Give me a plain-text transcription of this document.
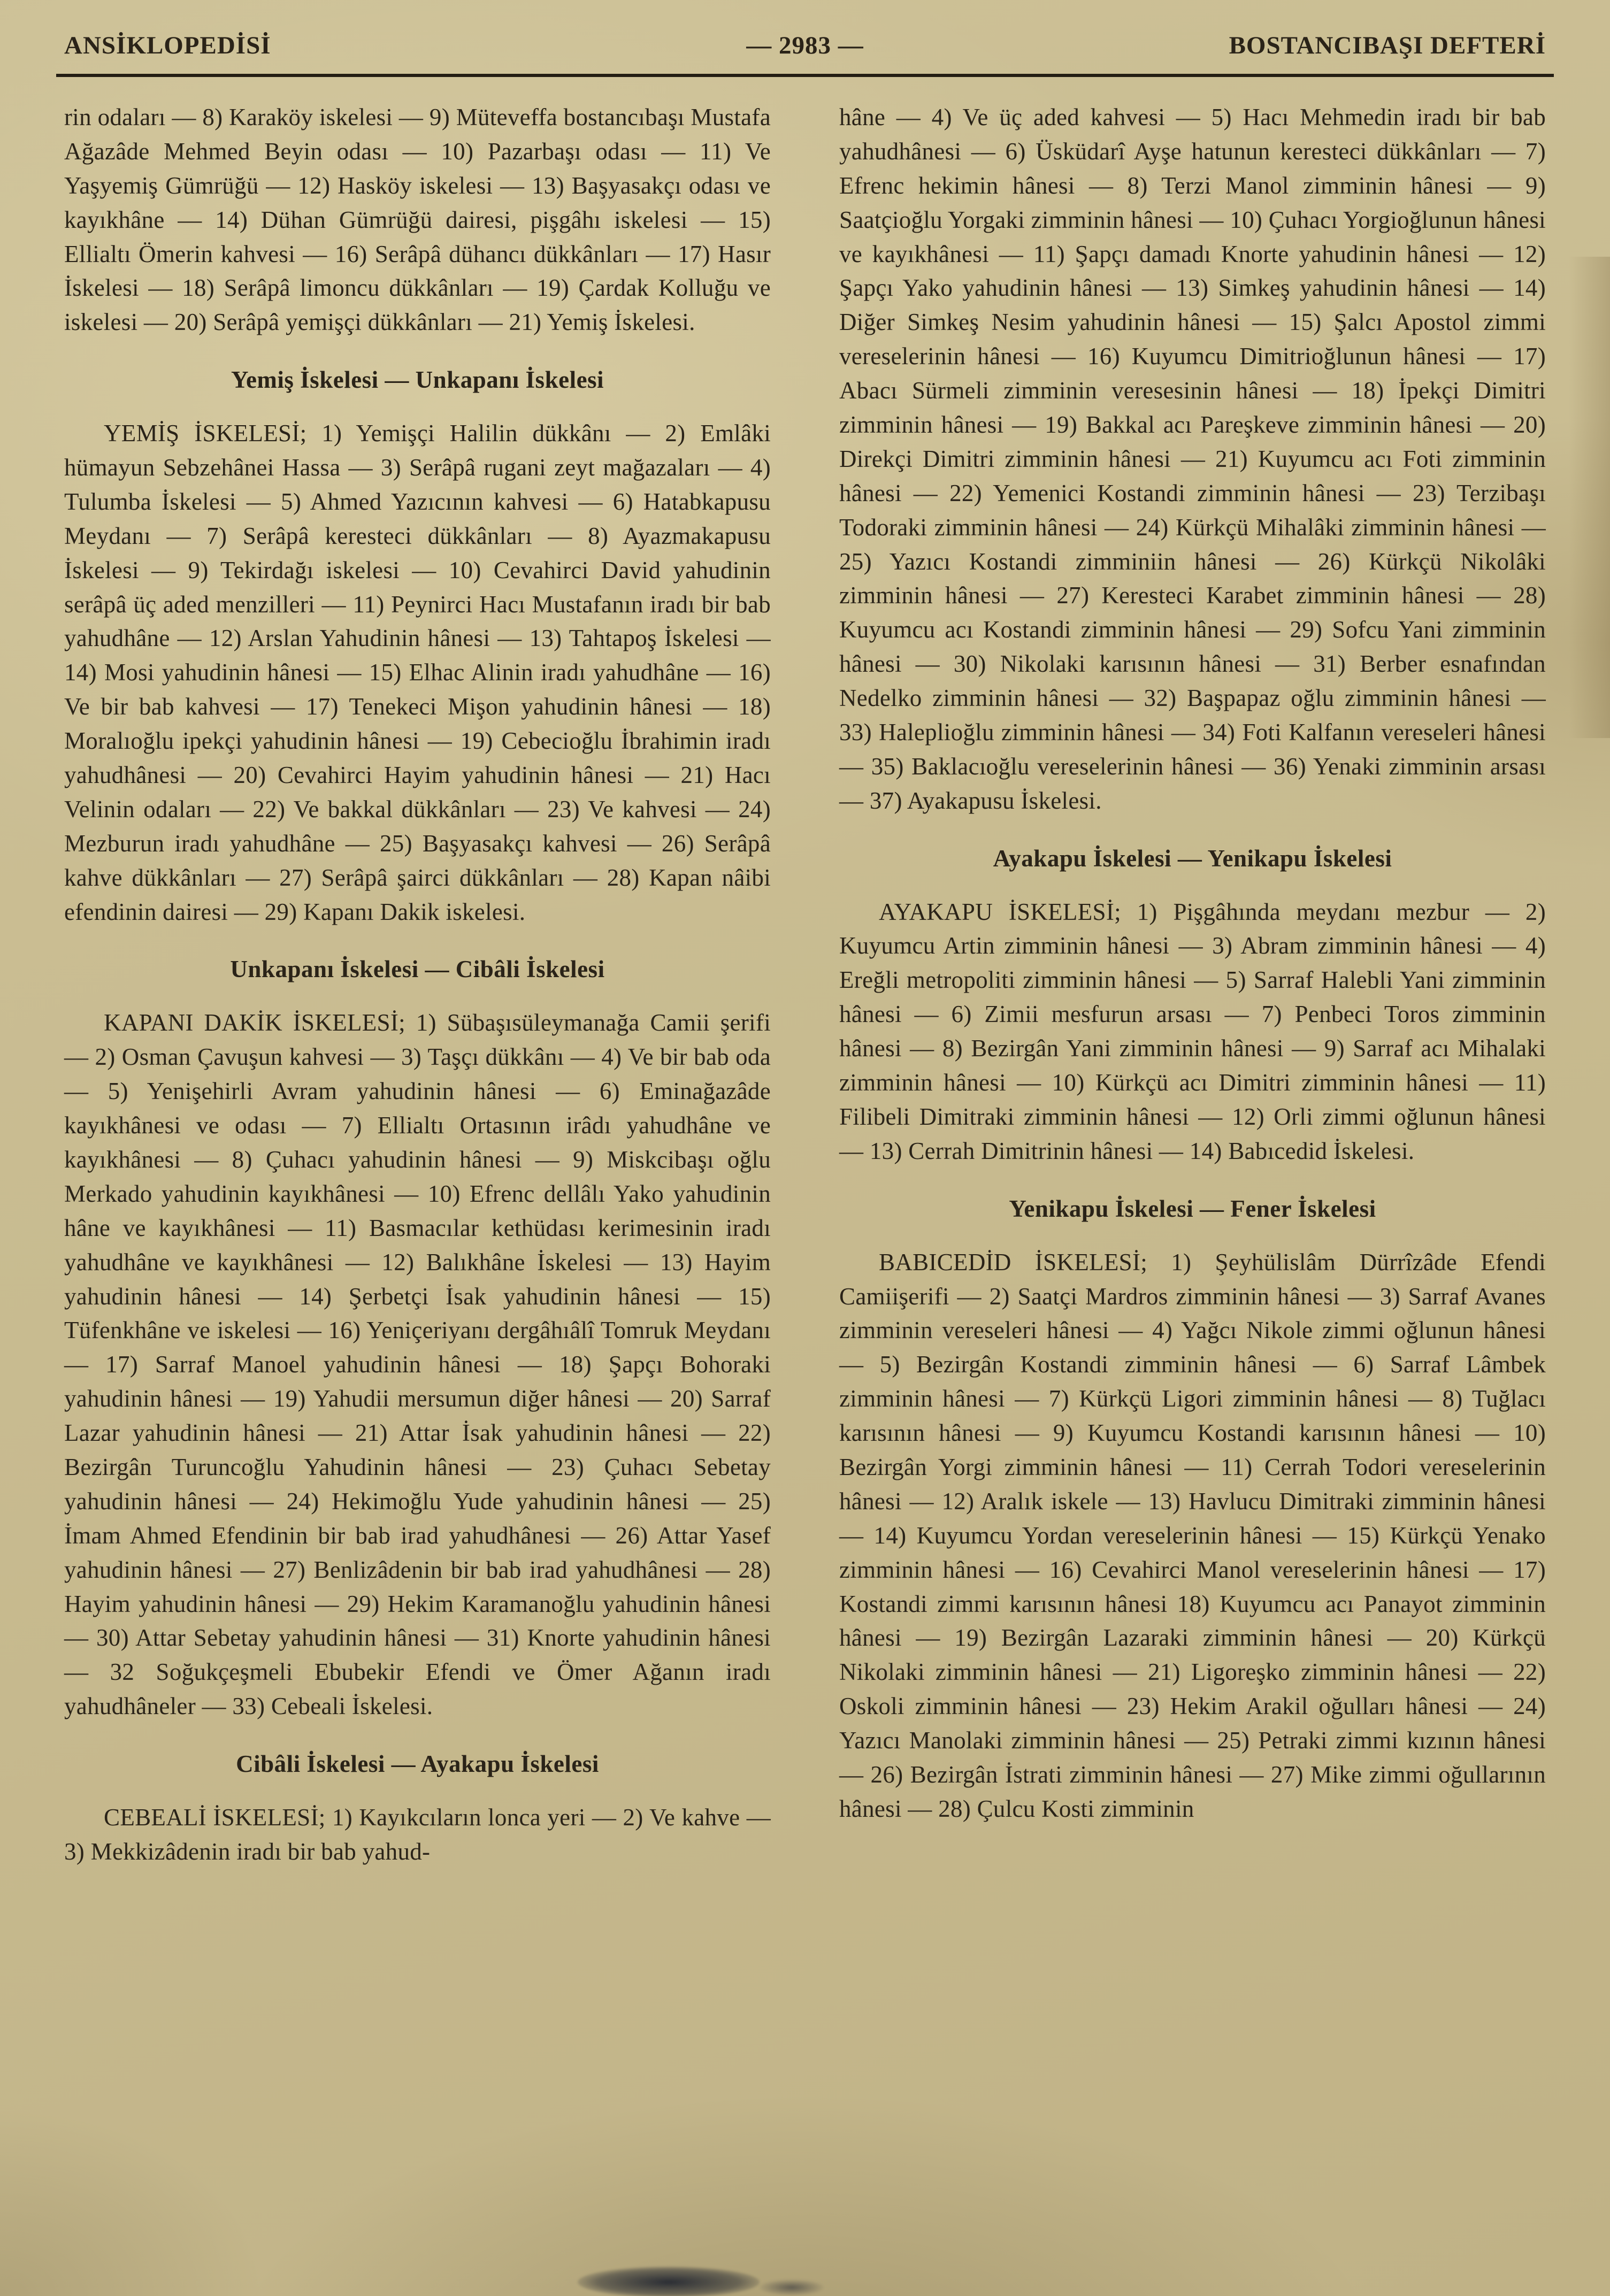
ANSİKLOPEDİSİ	— 2983 —	BOSTANCIBAŞI DEFTERİ

rin odaları — 8) Karaköy iskelesi — 9) Müteveffa bostancıbaşı Mustafa Ağazâde Mehmed Beyin odası — 10) Pazarbaşı odası — 11) Ve Yaşyemiş Gümrüğü — 12) Hasköy iskelesi — 13) Başyasakçı odası ve kayıkhâne — 14) Dühan Gümrüğü dairesi, pişgâhı iskelesi — 15) Ellialtı Ömerin kahvesi — 16) Serâpâ dühancı dükkânları — 17) Hasır İskelesi — 18) Serâpâ limoncu dükkânları — 19) Çardak Kolluğu ve iskelesi — 20) Serâpâ yemişçi dükkânları — 21) Yemiş İskelesi.

Yemiş İskelesi — Unkapanı İskelesi

YEMİŞ İSKELESİ; 1) Yemişçi Halilin dükkânı — 2) Emlâki hümayun Sebzehânei Hassa — 3) Serâpâ rugani zeyt mağazaları — 4) Tulumba İskelesi — 5) Ahmed Yazıcının kahvesi — 6) Hatabkapusu Meydanı — 7) Serâpâ keresteci dükkânları — 8) Ayazmakapusu İskelesi — 9) Tekirdağı iskelesi — 10) Cevahirci David yahudinin serâpâ üç aded menzilleri — 11) Peynirci Hacı Mustafanın iradı bir bab yahudhâne — 12) Arslan Yahudinin hânesi — 13) Tahtapoş İskelesi — 14) Mosi yahudinin hânesi — 15) Elhac Alinin iradı yahudhâne — 16) Ve bir bab kahvesi — 17) Tenekeci Mişon yahudinin hânesi — 18) Moralıoğlu ipekçi yahudinin hânesi — 19) Cebecioğlu İbrahimin iradı yahudhânesi — 20) Cevahirci Hayim yahudinin hânesi — 21) Hacı Velinin odaları — 22) Ve bakkal dükkânları — 23) Ve kahvesi — 24) Mezburun iradı yahudhâne — 25) Başyasakçı kahvesi — 26) Serâpâ kahve dükkânları — 27) Serâpâ şairci dükkânları — 28) Kapan nâibi efendinin dairesi — 29) Kapanı Dakik iskelesi.

Unkapanı İskelesi — Cibâli İskelesi

KAPANI DAKİK İSKELESİ; 1) Sübaşısüleymanağa Camii şerifi — 2) Osman Çavuşun kahvesi — 3) Taşçı dükkânı — 4) Ve bir bab oda — 5) Yenişehirli Avram yahudinin hânesi — 6) Eminağazâde kayıkhânesi ve odası — 7) Ellialtı Ortasının irâdı yahudhâne ve kayıkhânesi — 8) Çuhacı yahudinin hânesi — 9) Miskcibaşı oğlu Merkado yahudinin kayıkhânesi — 10) Efrenc dellâlı Yako yahudinin hâne ve kayıkhânesi — 11) Basmacılar kethüdası kerimesinin iradı yahudhâne ve kayıkhânesi — 12) Balıkhâne İskelesi — 13) Hayim yahudinin hânesi — 14) Şerbetçi İsak yahudinin hânesi — 15) Tüfenkhâne ve iskelesi — 16) Yeniçeriyanı dergâhıâlî Tomruk Meydanı — 17) Sarraf Manoel yahudinin hânesi — 18) Şapçı Bohoraki yahudinin hânesi — 19) Yahudii mersumun diğer hânesi — 20) Sarraf Lazar yahudinin hânesi — 21) Attar İsak yahudinin hânesi — 22) Bezirgân Turuncoğlu Yahudinin hânesi — 23) Çuhacı Sebetay yahudinin hânesi — 24) Hekimoğlu Yude yahudinin hânesi — 25) İmam Ahmed Efendinin bir bab irad yahudhânesi — 26) Attar Yasef yahudinin hânesi — 27) Benlizâdenin bir bab irad yahudhânesi — 28) Hayim yahudinin hânesi — 29) Hekim Karamanoğlu yahudinin hânesi — 30) Attar Sebetay yahudinin hânesi — 31) Knorte yahudinin hânesi — 32 Soğukçeşmeli Ebubekir Efendi ve Ömer Ağanın iradı yahudhâneler — 33) Cebeali İskelesi.

Cibâli İskelesi — Ayakapu İskelesi

CEBEALİ İSKELESİ; 1) Kayıkcıların lonca yeri — 2) Ve kahve — 3) Mekkizâdenin iradı bir bab yahud-

hâne — 4) Ve üç aded kahvesi — 5) Hacı Mehmedin iradı bir bab yahudhânesi — 6) Üsküdarî Ayşe hatunun keresteci dükkânları — 7) Efrenc hekimin hânesi — 8) Terzi Manol zimminin hânesi — 9) Saatçioğlu Yorgaki zimminin hânesi — 10) Çuhacı Yorgioğlunun hânesi ve kayıkhânesi — 11) Şapçı damadı Knorte yahudinin hânesi — 12) Şapçı Yako yahudinin hânesi — 13) Simkeş yahudinin hânesi — 14) Diğer Simkeş Nesim yahudinin hânesi — 15) Şalcı Apostol zimmi vereselerinin hânesi — 16) Kuyumcu Dimitrioğlunun hânesi — 17) Abacı Sürmeli zimminin veresesinin hânesi — 18) İpekçi Dimitri zimminin hânesi — 19) Bakkal acı Pareşkeve zimminin hânesi — 20) Direkçi Dimitri zimminin hânesi — 21) Kuyumcu acı Foti zimminin hânesi — 22) Yemenici Kostandi zimminin hânesi — 23) Terzibaşı Todoraki zimminin hânesi — 24) Kürkçü Mihalâki zimminin hânesi — 25) Yazıcı Kostandi zimminiin hânesi — 26) Kürkçü Nikolâki zimminin hânesi — 27) Keresteci Karabet zimminin hânesi — 28) Kuyumcu acı Kostandi zimminin hânesi — 29) Sofcu Yani zimminin hânesi — 30) Nikolaki karısının hânesi — 31) Berber esnafından Nedelko zimminin hânesi — 32) Başpapaz oğlu zimminin hânesi — 33) Haleplioğlu zimminin hânesi — 34) Foti Kalfanın vereseleri hânesi — 35) Baklacıoğlu vereselerinin hânesi — 36) Yenaki zimminin arsası — 37) Ayakapusu İskelesi.

Ayakapu İskelesi — Yenikapu İskelesi

AYAKAPU İSKELESİ; 1) Pişgâhında meydanı mezbur — 2) Kuyumcu Artin zimminin hânesi — 3) Abram zimminin hânesi — 4) Ereğli metropoliti zimminin hânesi — 5) Sarraf Halebli Yani zimminin hânesi — 6) Zimii mesfurun arsası — 7) Penbeci Toros zimminin hânesi — 8) Bezirgân Yani zimminin hânesi — 9) Sarraf acı Mihalaki zimminin hânesi — 10) Kürkçü acı Dimitri zimminin hânesi — 11) Filibeli Dimitraki zimminin hânesi — 12) Orli zimmi oğlunun hânesi — 13) Cerrah Dimitrinin hânesi — 14) Babıcedid İskelesi.

Yenikapu İskelesi — Fener İskelesi

BABICEDİD İSKELESİ; 1) Şeyhülislâm Dürrîzâde Efendi Camiişerifi — 2) Saatçi Mardros zimminin hânesi — 3) Sarraf Avanes zimminin vereseleri hânesi — 4) Yağcı Nikole zimmi oğlunun hânesi — 5) Bezirgân Kostandi zimminin hânesi — 6) Sarraf Lâmbek zimminin hânesi — 7) Kürkçü Ligori zimminin hânesi — 8) Tuğlacı karısının hânesi — 9) Kuyumcu Kostandi karısının hânesi — 10) Bezirgân Yorgi zimminin hânesi — 11) Cerrah Todori vereselerinin hânesi — 12) Aralık iskele — 13) Havlucu Dimitraki zimminin hânesi — 14) Kuyumcu Yordan vereselerinin hânesi — 15) Kürkçü Yenako zimminin hânesi — 16) Cevahirci Manol vereselerinin hânesi — 17) Kostandi zimmi karısının hânesi 18) Kuyumcu acı Panayot zimminin hânesi — 19) Bezirgân Lazaraki zimminin hânesi — 20) Kürkçü Nikolaki zimminin hânesi — 21) Ligoreşko zimminin hânesi — 22) Oskoli zimminin hânesi — 23) Hekim Arakil oğulları hânesi — 24) Yazıcı Manolaki zimminin hânesi — 25) Petraki zimmi kızının hânesi — 26) Bezirgân İstrati zimminin hânesi — 27) Mike zimmi oğullarının hânesi — 28) Çulcu Kosti zimminin
